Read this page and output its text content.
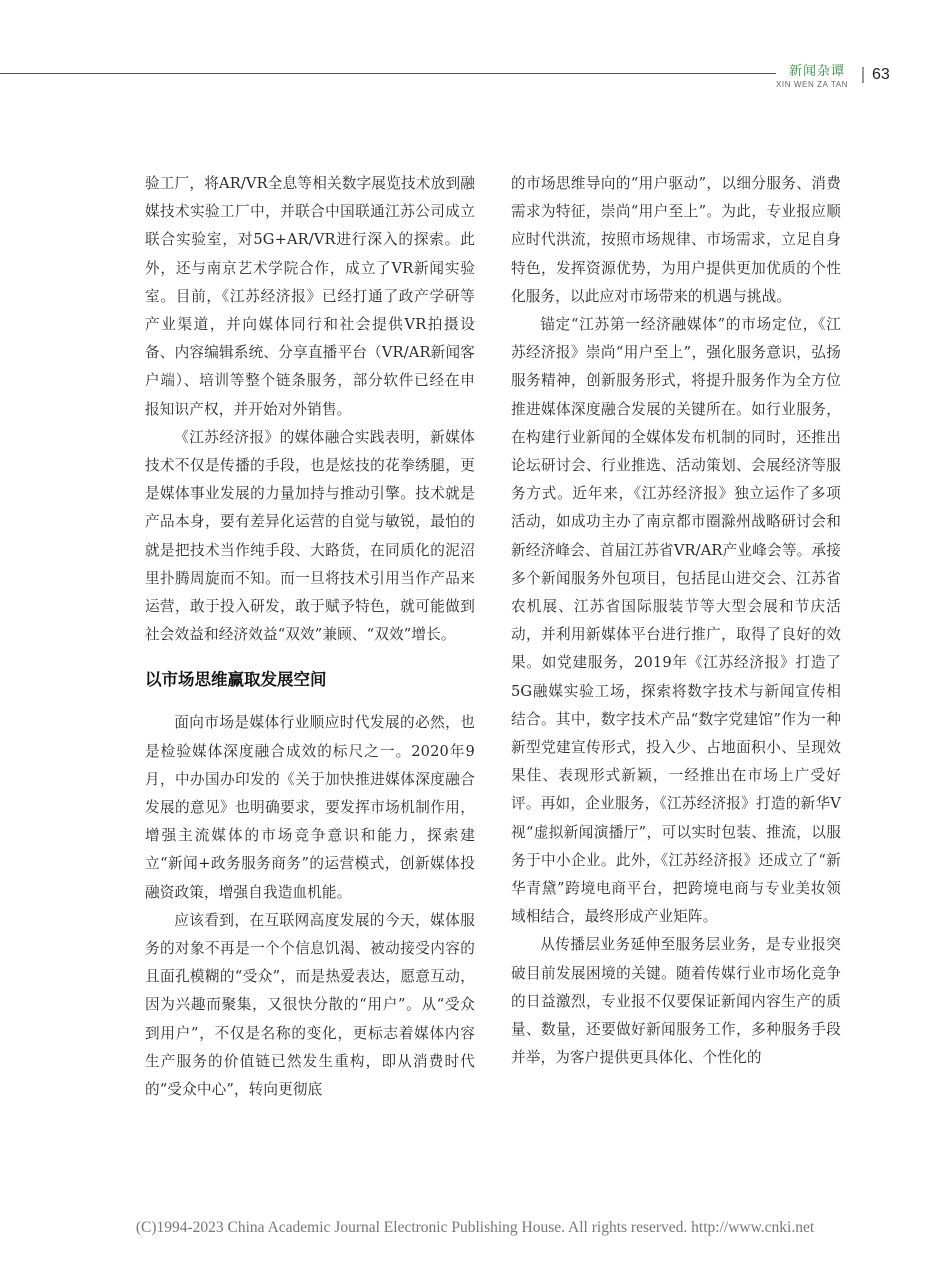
新闻杂谭
XIN WEN ZA TAN
63

验工厂，将AR/VR全息等相关数字展览技术放到融媒技术实验工厂中，并联合中国联通江苏公司成立联合实验室，对5G+AR/VR进行深入的探索。此外，还与南京艺术学院合作，成立了VR新闻实验室。目前，《江苏经济报》已经打通了政产学研等产业渠道，并向媒体同行和社会提供VR拍摄设备、内容编辑系统、分享直播平台（VR/AR新闻客户端）、培训等整个链条服务，部分软件已经在申报知识产权，并开始对外销售。

《江苏经济报》的媒体融合实践表明，新媒体技术不仅是传播的手段，也是炫技的花拳绣腿，更是媒体事业发展的力量加持与推动引擎。技术就是产品本身，要有差异化运营的自觉与敏锐，最怕的就是把技术当作纯手段、大路货，在同质化的泥沼里扑腾周旋而不知。而一旦将技术引用当作产品来运营，敢于投入研发，敢于赋予特色，就可能做到社会效益和经济效益“双效”兼顾、“双效”增长。

以市场思维赢取发展空间

面向市场是媒体行业顺应时代发展的必然，也是检验媒体深度融合成效的标尺之一。2020年9月，中办国办印发的《关于加快推进媒体深度融合发展的意见》也明确要求，要发挥市场机制作用，增强主流媒体的市场竞争意识和能力，探索建立“新闻+政务服务商务”的运营模式，创新媒体投融资政策，增强自我造血机能。

应该看到，在互联网高度发展的今天，媒体服务的对象不再是一个个信息饥渴、被动接受内容的且面孔模糊的“受众”，而是热爱表达，愿意互动，因为兴趣而聚集，又很快分散的“用户”。从“受众到用户”，不仅是名称的变化，更标志着媒体内容生产服务的价值链已然发生重构，即从消费时代的“受众中心”，转向更彻底

的市场思维导向的“用户驱动”，以细分服务、消费需求为特征，崇尚“用户至上”。为此，专业报应顺应时代洪流，按照市场规律、市场需求，立足自身特色，发挥资源优势，为用户提供更加优质的个性化服务，以此应对市场带来的机遇与挑战。

锚定“江苏第一经济融媒体”的市场定位，《江苏经济报》崇尚“用户至上”，强化服务意识，弘扬服务精神，创新服务形式，将提升服务作为全方位推进媒体深度融合发展的关键所在。如行业服务，在构建行业新闻的全媒体发布机制的同时，还推出论坛研讨会、行业推选、活动策划、会展经济等服务方式。近年来，《江苏经济报》独立运作了多项活动，如成功主办了南京都市圈滁州战略研讨会和新经济峰会、首届江苏省VR/AR产业峰会等。承接多个新闻服务外包项目，包括昆山进交会、江苏省农机展、江苏省国际服装节等大型会展和节庆活动，并利用新媒体平台进行推广，取得了良好的效果。如党建服务，2019年《江苏经济报》打造了5G融媒实验工场，探索将数字技术与新闻宣传相结合。其中，数字技术产品“数字党建馆”作为一种新型党建宣传形式，投入少、占地面积小、呈现效果佳、表现形式新颖，一经推出在市场上广受好评。再如，企业服务，《江苏经济报》打造的新华V视“虚拟新闻演播厅”，可以实时包装、推流，以服务于中小企业。此外，《江苏经济报》还成立了“新华青黛”跨境电商平台，把跨境电商与专业美妆领域相结合，最终形成产业矩阵。

从传播层业务延伸至服务层业务，是专业报突破目前发展困境的关键。随着传媒行业市场化竞争的日益激烈，专业报不仅要保证新闻内容生产的质量、数量，还要做好新闻服务工作，多种服务手段并举，为客户提供更具体化、个性化的

(C)1994-2023 China Academic Journal Electronic Publishing House. All rights reserved. http://www.cnki.net
